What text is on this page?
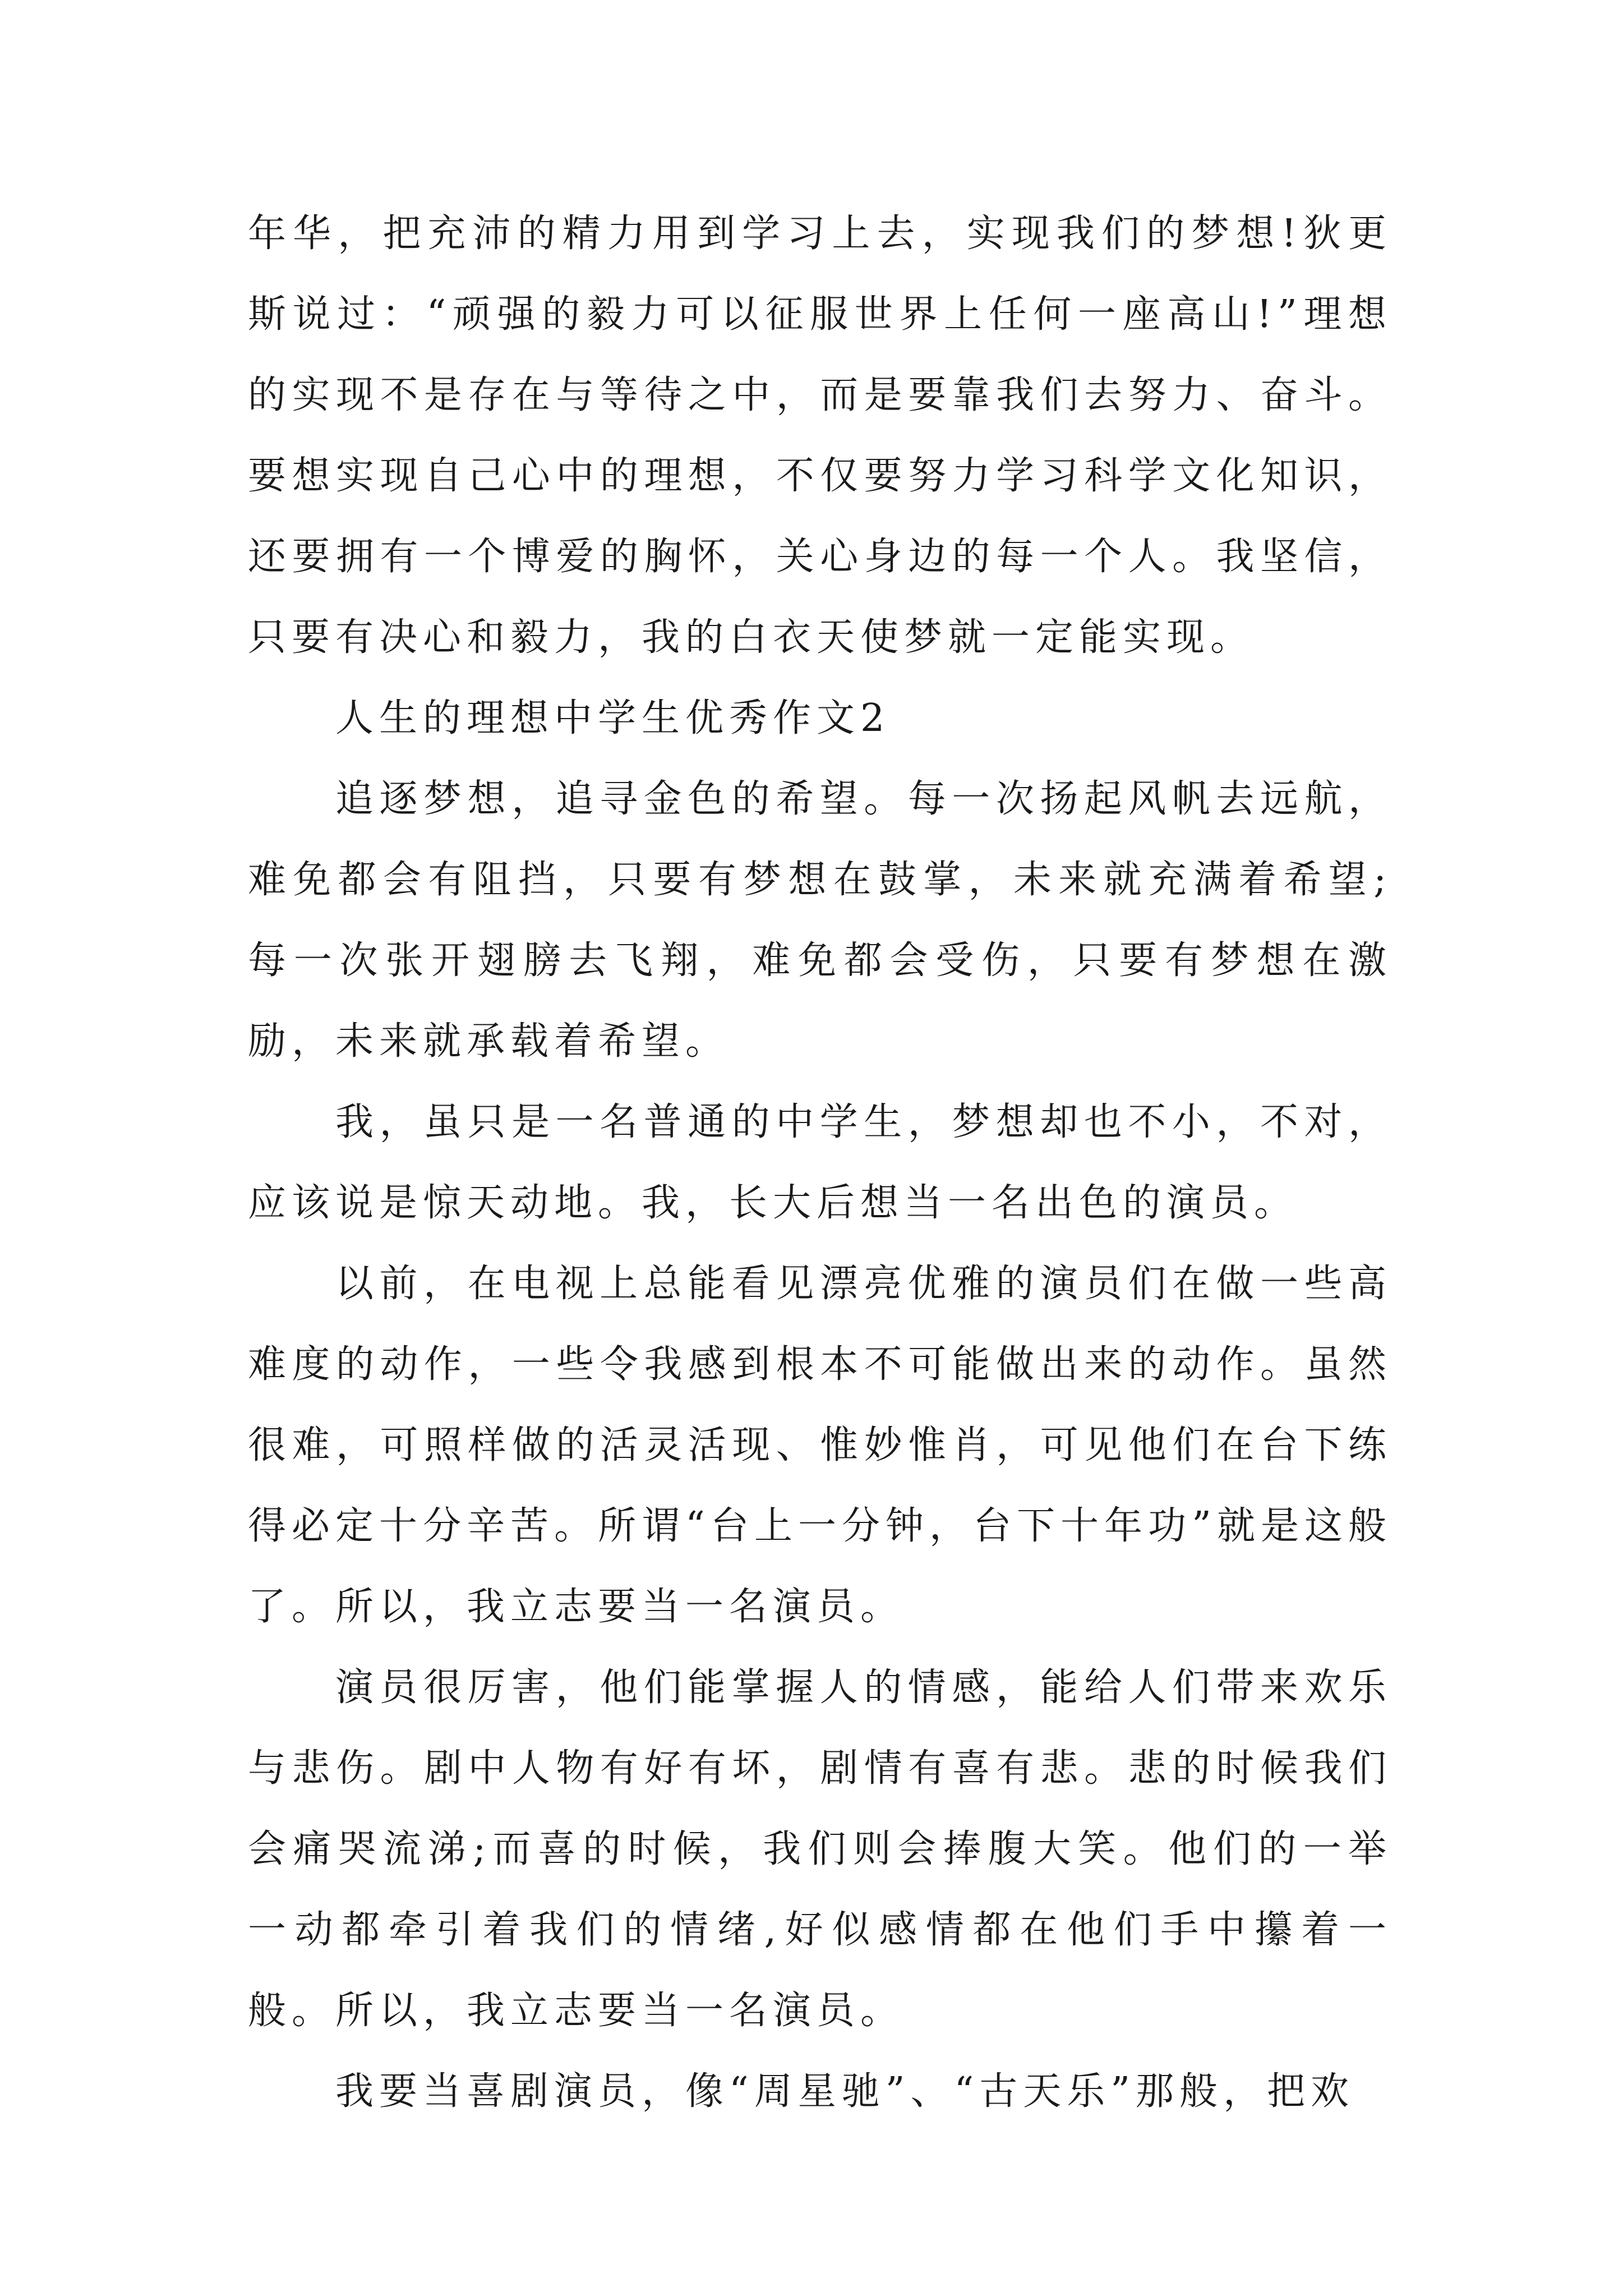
年华，把充沛的精力用到学习上去，实现我们的梦想!狄更斯说过：“顽强的毅力可以征服世界上任何一座高山!”理想的实现不是存在与等待之中，而是要靠我们去努力、奋斗。要想实现自己心中的理想，不仅要努力学习科学文化知识，还要拥有一个博爱的胸怀，关心身边的每一个人。我坚信，只要有决心和毅力，我的白衣天使梦就一定能实现。

人生的理想中学生优秀作文2

追逐梦想，追寻金色的希望。每一次扬起风帆去远航，难免都会有阻挡，只要有梦想在鼓掌，未来就充满着希望;每一次张开翅膀去飞翔，难免都会受伤，只要有梦想在激励，未来就承载着希望。

我，虽只是一名普通的中学生，梦想却也不小，不对，应该说是惊天动地。我，长大后想当一名出色的演员。

以前，在电视上总能看见漂亮优雅的演员们在做一些高难度的动作，一些令我感到根本不可能做出来的动作。虽然很难，可照样做的活灵活现、惟妙惟肖，可见他们在台下练得必定十分辛苦。所谓“台上一分钟，台下十年功”就是这般了。所以，我立志要当一名演员。

演员很厉害，他们能掌握人的情感，能给人们带来欢乐与悲伤。剧中人物有好有坏，剧情有喜有悲。悲的时候我们会痛哭流涕;而喜的时候，我们则会捧腹大笑。他们的一举一动都牵引着我们的情绪,好似感情都在他们手中攥着一般。所以，我立志要当一名演员。

我要当喜剧演员，像“周星驰”、“古天乐”那般，把欢
